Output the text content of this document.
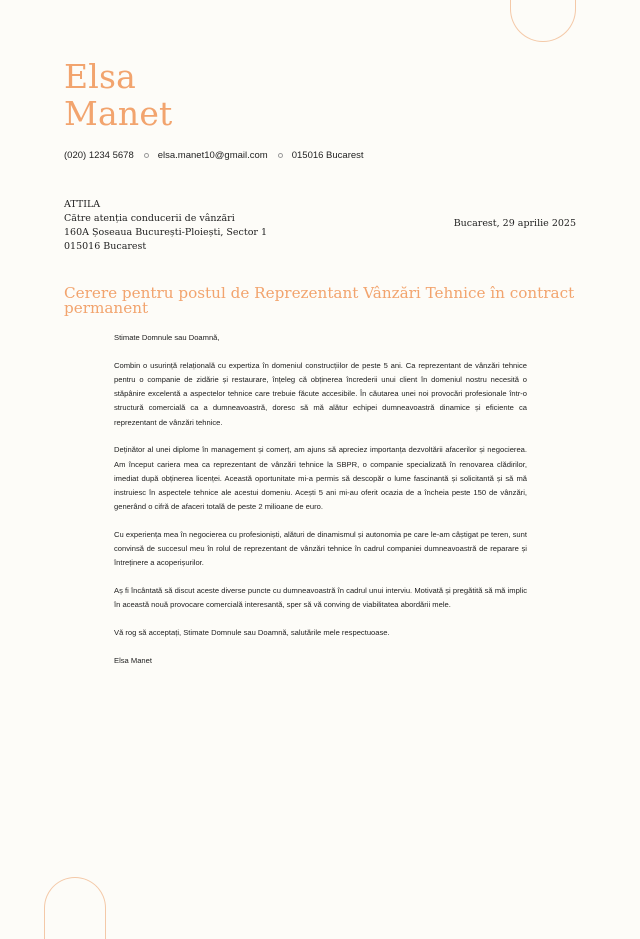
Elsa
Manet
(020) 1234 5678	elsa.manet10@gmail.com	015016 Bucarest
ATTILA
Către atenția conducerii de vânzări
160A Șoseaua București-Ploiești, Sector 1
015016 Bucarest
Bucarest, 29 aprilie 2025
Cerere pentru postul de Reprezentant Vânzări Tehnice în contract permanent

Stimate Domnule sau Doamnă,

Combin o usurință relațională cu expertiza în domeniul construcțiilor de peste 5 ani. Ca reprezentant de vânzări tehnice pentru o companie de zidărie și restaurare, înțeleg că obținerea încrederii unui client în domeniul nostru necesită o stăpânire excelentă a aspectelor tehnice care trebuie făcute accesibile. În căutarea unei noi provocări profesionale într-o structură comercială ca a dumneavoastră, doresc să mă alătur echipei dumneavoastră dinamice și eficiente ca reprezentant de vânzări tehnice.

Deținător al unei diplome în management și comerț, am ajuns să apreciez importanța dezvoltării afacerilor și negocierea. Am început cariera mea ca reprezentant de vânzări tehnice la SBPR, o companie specializată în renovarea clădirilor, imediat după obținerea licenței. Această oportunitate mi-a permis să descopăr o lume fascinantă și solicitantă și să mă instruiesc în aspectele tehnice ale acestui domeniu. Acești 5 ani mi-au oferit ocazia de a încheia peste 150 de vânzări, generând o cifră de afaceri totală de peste 2 milioane de euro.

Cu experiența mea în negocierea cu profesioniști, alături de dinamismul și autonomia pe care le-am câștigat pe teren, sunt convinsă de succesul meu în rolul de reprezentant de vânzări tehnice în cadrul companiei dumneavoastră de reparare și întreținere a acoperișurilor.

Aș fi încântată să discut aceste diverse puncte cu dumneavoastră în cadrul unui interviu. Motivată și pregătită să mă implic în această nouă provocare comercială interesantă, sper să vă conving de viabilitatea abordării mele.

Vă rog să acceptați, Stimate Domnule sau Doamnă, salutările mele respectuoase.

Elsa Manet
